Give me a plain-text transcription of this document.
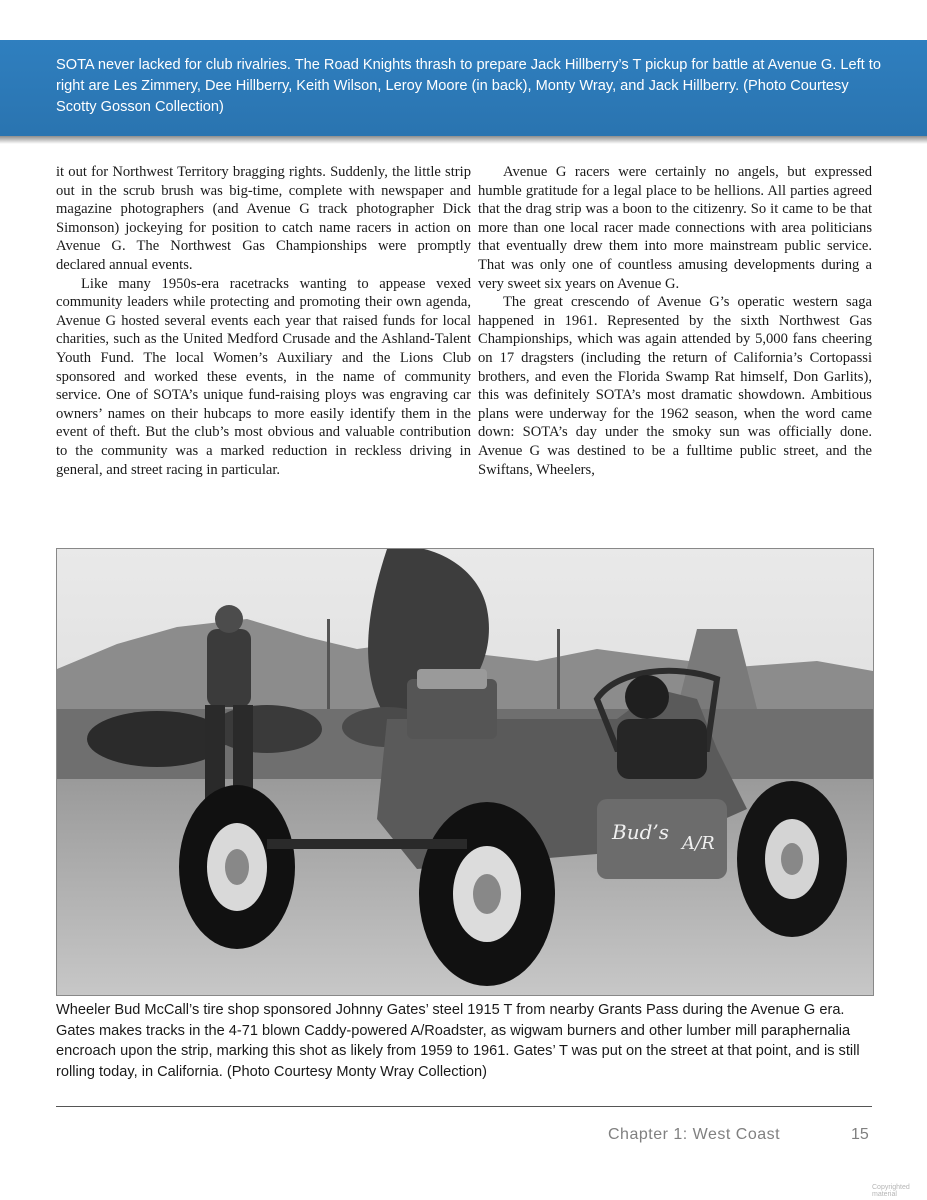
SOTA never lacked for club rivalries. The Road Knights thrash to prepare Jack Hillberry’s T pickup for battle at Avenue G. Left to right are Les Zimmery, Dee Hillberry, Keith Wilson, Leroy Moore (in back), Monty Wray, and Jack Hillberry. (Photo Courtesy Scotty Gosson Collection)

it out for Northwest Territory bragging rights. Suddenly, the little strip out in the scrub brush was big-time, complete with newspaper and magazine photographers (and Avenue G track photographer Dick Simonson) jockeying for position to catch name racers in action on Avenue G. The Northwest Gas Championships were promptly declared annual events.

Like many 1950s-era racetracks wanting to appease vexed community leaders while protecting and promoting their own agenda, Avenue G hosted several events each year that raised funds for local charities, such as the United Medford Crusade and the Ashland-Talent Youth Fund. The local Women’s Auxiliary and the Lions Club sponsored and worked these events, in the name of community service. One of SOTA’s unique fund-raising ploys was engraving car owners’ names on their hubcaps to more easily identify them in the event of theft. But the club’s most obvious and valuable contribution to the community was a marked reduction in reckless driving in general, and street racing in particular.

Avenue G racers were certainly no angels, but expressed humble gratitude for a legal place to be hellions. All parties agreed that the drag strip was a boon to the citizenry. So it came to be that more than one local racer made connections with area politicians that eventually drew them into more mainstream public service. That was only one of countless amusing developments during a very sweet six years on Avenue G.

The great crescendo of Avenue G’s operatic western saga happened in 1961. Represented by the sixth Northwest Gas Championships, which was again attended by 5,000 fans cheering on 17 dragsters (including the return of California’s Cortopassi brothers, and even the Florida Swamp Rat himself, Don Garlits), this was definitely SOTA’s most dramatic showdown. Ambitious plans were underway for the 1962 season, when the word came down: SOTA’s day under the smoky sun was officially done. Avenue G was destined to be a fulltime public street, and the Swiftans, Wheelers,

Bud’s A/R

Wheeler Bud McCall’s tire shop sponsored Johnny Gates’ steel 1915 T from nearby Grants Pass during the Avenue G era. Gates makes tracks in the 4-71 blown Caddy-powered A/Roadster, as wigwam burners and other lumber mill paraphernalia encroach upon the strip, marking this shot as likely from 1959 to 1961. Gates’ T was put on the street at that point, and is still rolling today, in California. (Photo Courtesy Monty Wray Collection)

Chapter 1: West Coast	15
Copyrighted material
